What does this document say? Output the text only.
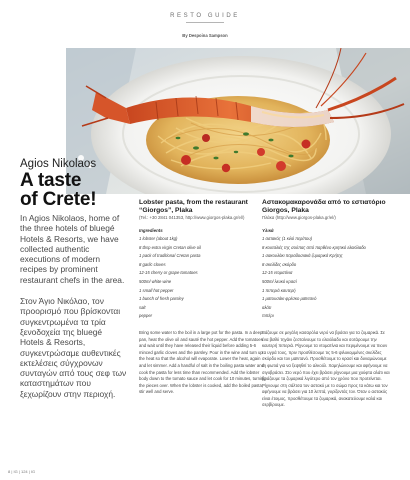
RESTO GUIDE
By Despoina Sampson
Agios Nikolaos
A taste
of Crete!

In Agios Nikolaos, home of the three hotels of bluegé Hotels & Resorts, we have collected authentic executions of modern recipes by prominent restaurant chefs in the area.

Στον Άγιο Νικόλαο, τον προορισμό που βρίσκονται συγκεντρωμένα τα τρία ξενοδοχεία της bluegé Hotels & Resorts, συγκεντρώσαμε αυθεντικές εκτελέσεις σύγχρονων συνταγών από τους σεφ των καταστημάτων που ξεχωρίζουν στην περιοχή.

Lobster pasta, from the restaurant “Giorgos”, Plaka

(Tel.: +30 2841 041353, http://www.giorgos-plaka.gr/el/)

Ingredients

1 lobster (about 1kg)
8 tbsp extra virgin Cretan olive oil
1 pack of traditional Cretan pasta
8 garlic cloves
12-15 cherry or grape tomatoes
500ml white wine
1 small hot pepper
1 bunch of fresh parsley
salt
pepper

Bring some water to the boil in a large pot for the pasta. In a deep pan, heat the olive oil and sauté the hot pepper. Add the tomatoes and wait until they have released their liquid before adding 5-6 minced garlic cloves and the parsley. Pour in the wine and turn up the heat so that the alcohol will evaporate. Lower the heat, again and let simmer. Add a handful of salt in the boiling pasta water and cook the pasta for less time than recommended. Add the lobster body down to the tomato sauce and let cook for 10 minutes, turning the pieces over. When the lobster is cooked, add the boiled pasta, stir well and serve.

Αστακομακαρονάδα από το εστιατόριο Giorgos, Plaka

Πλάκα (http://www.giorgos-plaka.gr/el/)

Υλικά

1 αστακός (1 κιλό περίπου)
8 κουταλιές της σούπας από παρθένο κρητικό ελαιόλαδο
1 σακουλάκι παραδοσιακά ζυμαρικά Κρήτης
8 σκελίδες σκόρδο
12-15 ντοματίνια
500ml λευκό κρασί
1 πιπεριά καυτερή
1 ματουσάκι φρέσκο μαϊντανό
αλάτι
πιπέρι

Βάζουμε σε μεγάλη κασαρόλα νερό να βράσει για τα ζυμαρικά. Σε ένα βαθύ τηγάνι ζεσταίνουμε το ελαιόλαδο και σοτάρουμε την καυτερή πιπεριά. Ρίχνουμε τα ντοματίνια και περιμένουμε να πιουν τα υγρά τους, πριν προσθέσουμε τις 5-6 ψιλοκομμένες σκελίδες σκόρδο και τον μαϊντανό. Προσθέτουμε το κρασί και δυναμώνουμε τη φωτιά για να ξεψηθεί το αλκοόλ. Χαμηλώνουμε και αφήνουμε να σιγοβράσει. Στο νερό που έχει βράσει ρίχνουμε μια χούφτα αλάτι και βράζουμε τα ζυμαρικά λιγότερο από τον χρόνο που προτείνεται. Ρίχνουμε στη σάλτσα τον αστακό με το σώμα προς τα κάτω και τον αφήνουμε να βράσει για 10 λεπτά, γυρίζοντάς τον. Όταν ο αστακός είναι έτοιμος, προσθέτουμε τα ζυμαρικά, ανακατεύουμε καλά και σερβίρουμε.

8 | IG | 124 | IG
